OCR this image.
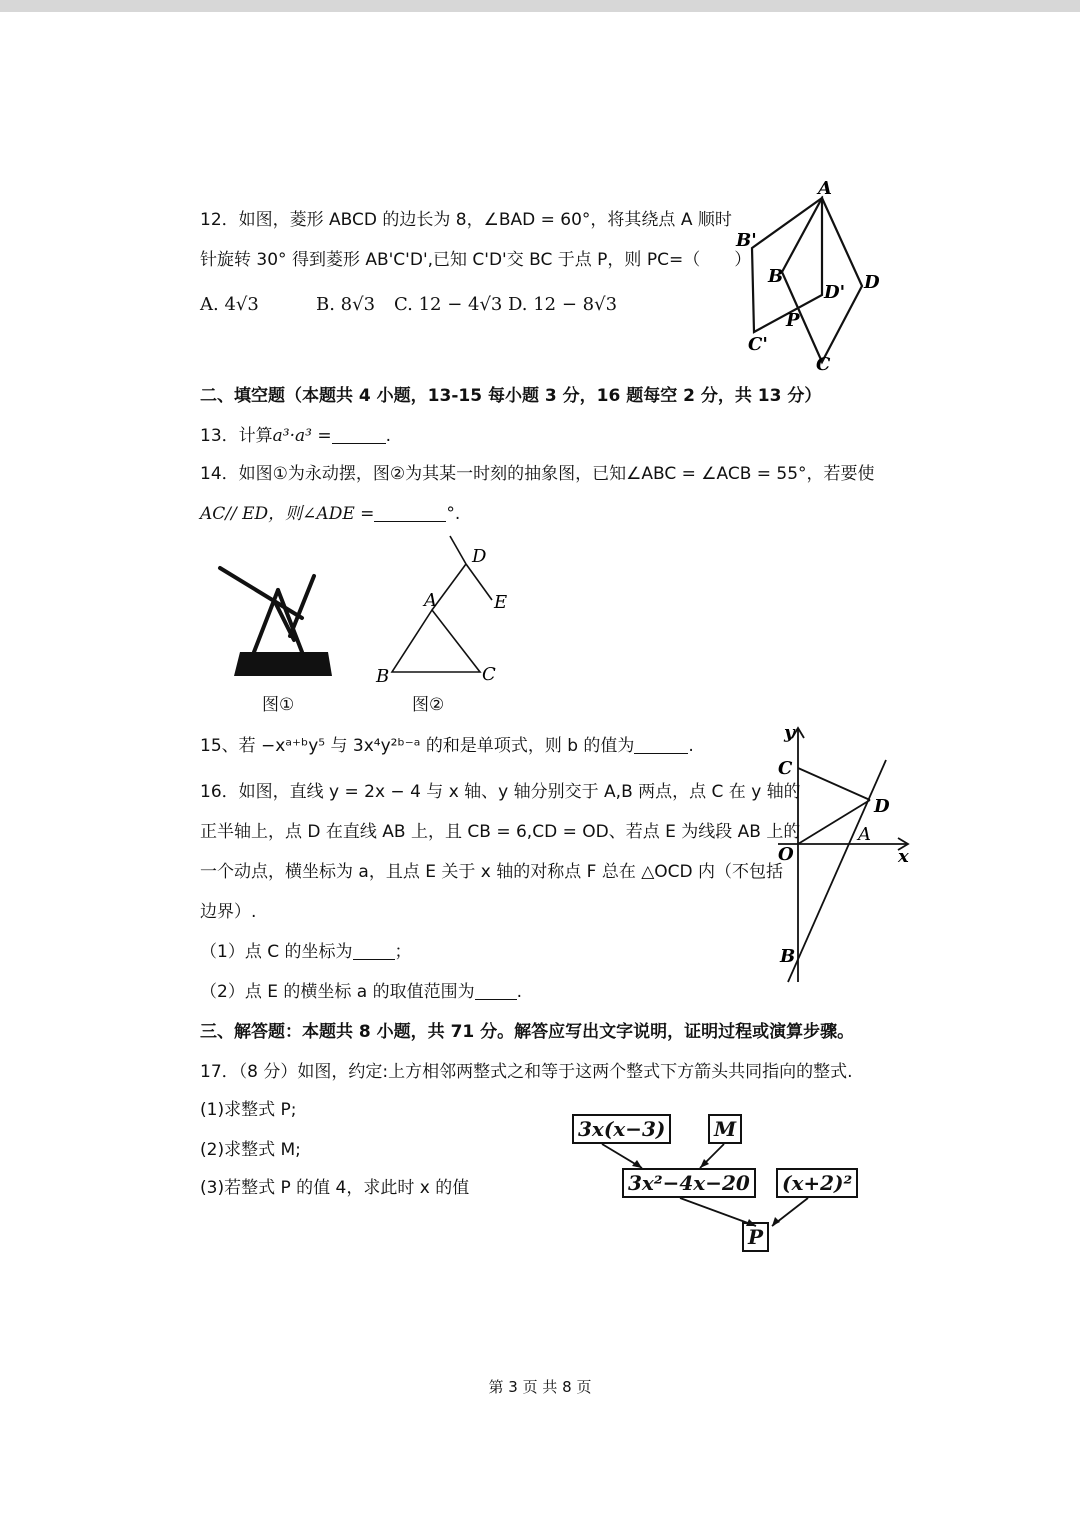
12．如图，菱形 ABCD 的边长为 8，∠BAD = 60°，将其绕点 A 顺时
针旋转 30° 得到菱形 AB'C'D',已知 C'D'交 BC 于点 P，则 PC=（　　）
A. 4√3	B. 8√3 C. 12 − 4√3 D. 12 − 8√3
A
B'
B
D' D
P
C'
C
二、填空题（本题共 4 小题，13-15 每小题 3 分，16 题每空 2 分，共 13 分）
13．计算a³·a³ =	.
14．如图①为永动摆，图②为其某一时刻的抽象图，已知∠ABC = ∠ACB = 55°，若要使
AC// ED，则∠ADE =	°.
图①
D
A	E
B	C
图②
15、若 −xᵃ⁺ᵇy⁵ 与 3x⁴y²ᵇ⁻ᵃ 的和是单项式，则 b 的值为	.
16．如图，直线 y = 2x − 4 与 x 轴、y 轴分别交于 A,B 两点，点 C 在 y 轴的
正半轴上，点 D 在直线 AB 上，且 CB = 6,CD = OD、若点 E 为线段 AB 上的
一个动点，横坐标为 a，且点 E 关于 x 轴的对称点 F 总在 △OCD 内（不包括
边界）.
（1）点 C 的坐标为 ；
（2）点 E 的横坐标 a 的取值范围为 .
y
C
D
O
A
x
B
三、解答题：本题共 8 小题，共 71 分。解答应写出文字说明，证明过程或演算步骤。
17．（8 分）如图，约定:上方相邻两整式之和等于这两个整式下方箭头共同指向的整式.
(1)求整式 P;
(2)求整式 M;
(3)若整式 P 的值 4，求此时 x 的值
3x(x−3)	M
3x²−4x−20	(x+2)²
P
第 3 页 共 8 页
